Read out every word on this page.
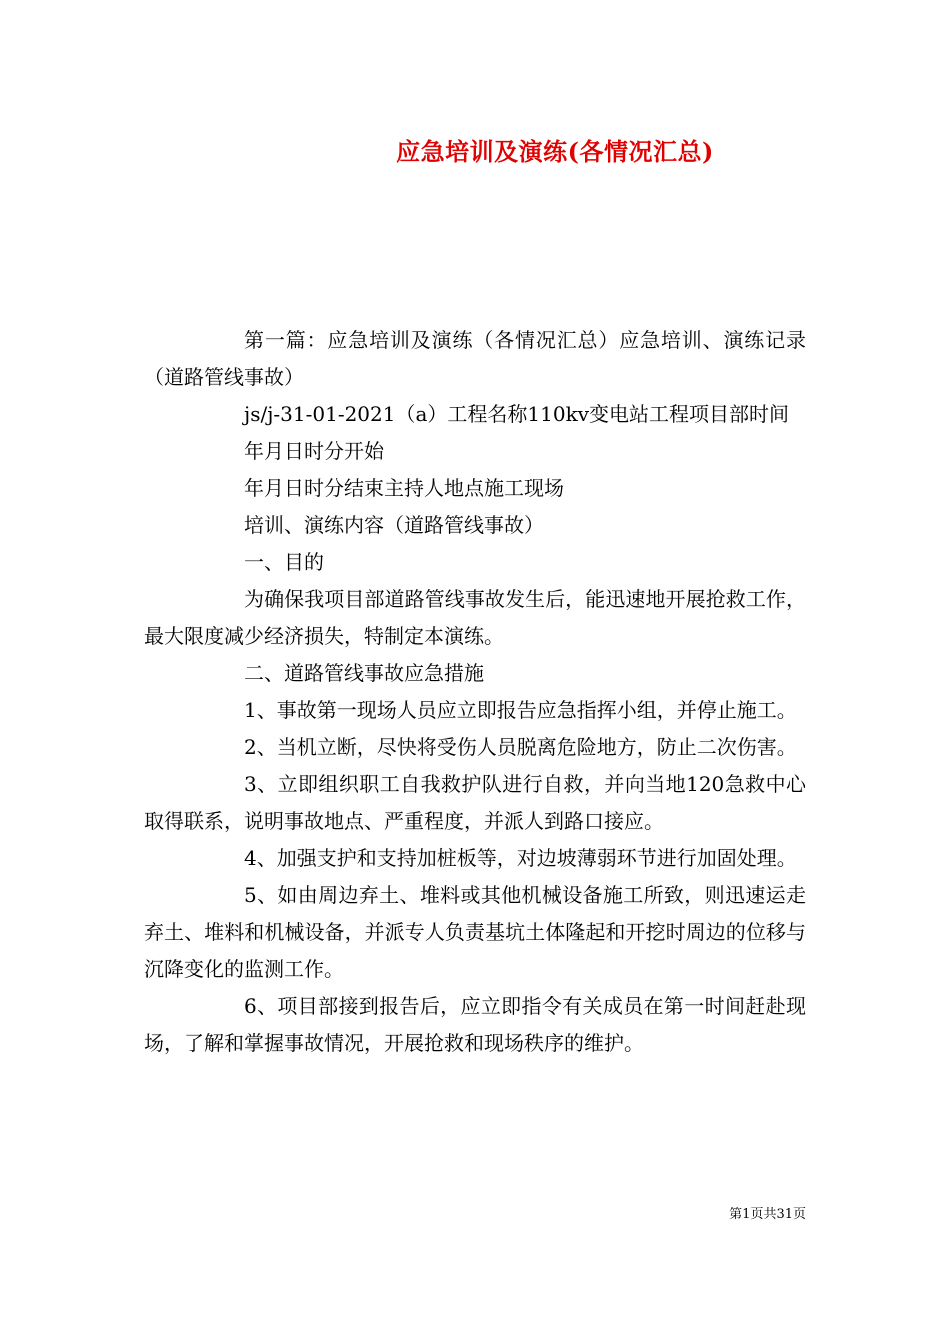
应急培训及演练(各情况汇总)

第一篇：应急培训及演练（各情况汇总）应急培训、演练记录（道路管线事故）

js/j-31-01-2021（a）工程名称110kv变电站工程项目部时间

年月日时分开始

年月日时分结束主持人地点施工现场

培训、演练内容（道路管线事故）

一、目的

为确保我项目部道路管线事故发生后，能迅速地开展抢救工作，最大限度减少经济损失，特制定本演练。

二、道路管线事故应急措施

1、事故第一现场人员应立即报告应急指挥小组，并停止施工。

2、当机立断，尽快将受伤人员脱离危险地方，防止二次伤害。

3、立即组织职工自我救护队进行自救，并向当地120急救中心取得联系，说明事故地点、严重程度，并派人到路口接应。

4、加强支护和支持加桩板等，对边坡薄弱环节进行加固处理。

5、如由周边弃土、堆料或其他机械设备施工所致，则迅速运走弃土、堆料和机械设备，并派专人负责基坑土体隆起和开挖时周边的位移与沉降变化的监测工作。

6、项目部接到报告后，应立即指令有关成员在第一时间赶赴现场，了解和掌握事故情况，开展抢救和现场秩序的维护。

第1页共31页
